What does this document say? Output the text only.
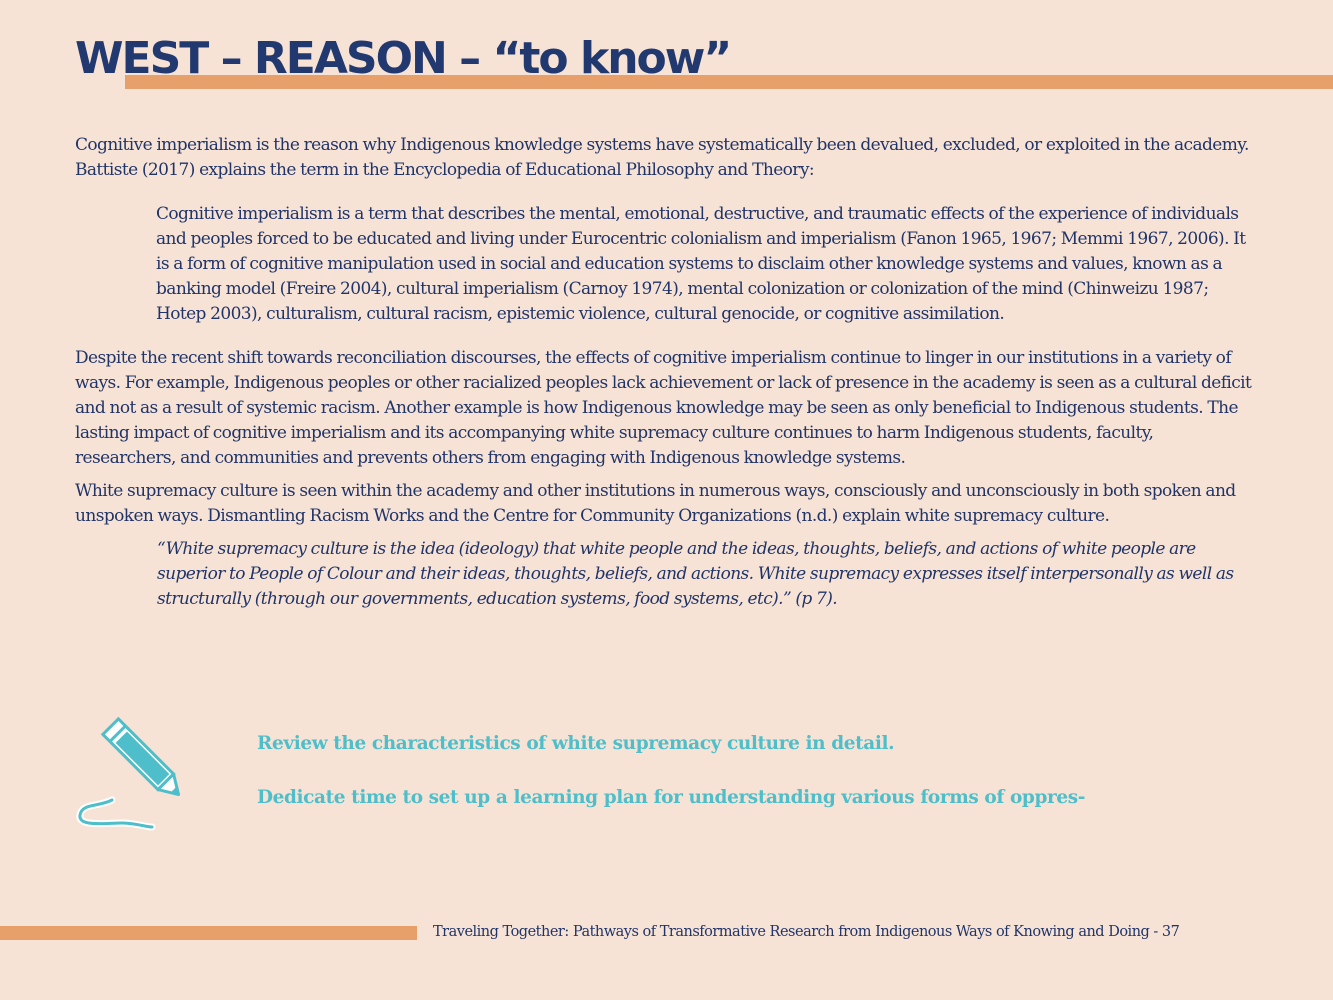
WEST – REASON – “to know”

Cognitive imperialism is the reason why Indigenous knowledge systems have systematically been devalued, excluded, or exploited in the academy. Battiste (2017) explains the term in the Encyclopedia of Educational Philosophy and Theory:

Cognitive imperialism is a term that describes the mental, emotional, destructive, and traumatic effects of the experience of individuals and peoples forced to be educated and living under Eurocentric colonialism and imperialism (Fanon 1965, 1967; Memmi 1967, 2006). It is a form of cognitive manipulation used in social and education systems to disclaim other knowledge systems and values, known as a banking model (Freire 2004), cultural imperialism (Carnoy 1974), mental colonization or colonization of the mind (Chinweizu 1987; Hotep 2003), culturalism, cultural racism, epistemic violence, cultural genocide, or cognitive assimilation.

Despite the recent shift towards reconciliation discourses, the effects of cognitive imperialism continue to linger in our institutions in a variety of ways. For example, Indigenous peoples or other racialized peoples lack achievement or lack of presence in the academy is seen as a cultural deficit and not as a result of systemic racism. Another example is how Indigenous knowledge may be seen as only beneficial to Indigenous students. The lasting impact of cognitive imperialism and its accompanying white supremacy culture continues to harm Indigenous students, faculty, researchers, and communities and prevents others from engaging with Indigenous knowledge systems.

White supremacy culture is seen within the academy and other institutions in numerous ways, consciously and unconsciously in both spoken and unspoken ways. Dismantling Racism Works and the Centre for Community Organizations (n.d.) explain white supremacy culture.

“White supremacy culture is the idea (ideology) that white people and the ideas, thoughts, beliefs, and actions of white people are superior to People of Colour and their ideas, thoughts, beliefs, and actions. White supremacy expresses itself interpersonally as well as structurally (through our governments, education systems, food systems, etc).” (p 7).

Review the characteristics of white supremacy culture in detail.
Dedicate time to set up a learning plan for understanding various forms of oppres-
Traveling Together: Pathways of Transformative Research from Indigenous Ways of Knowing and Doing - 37
